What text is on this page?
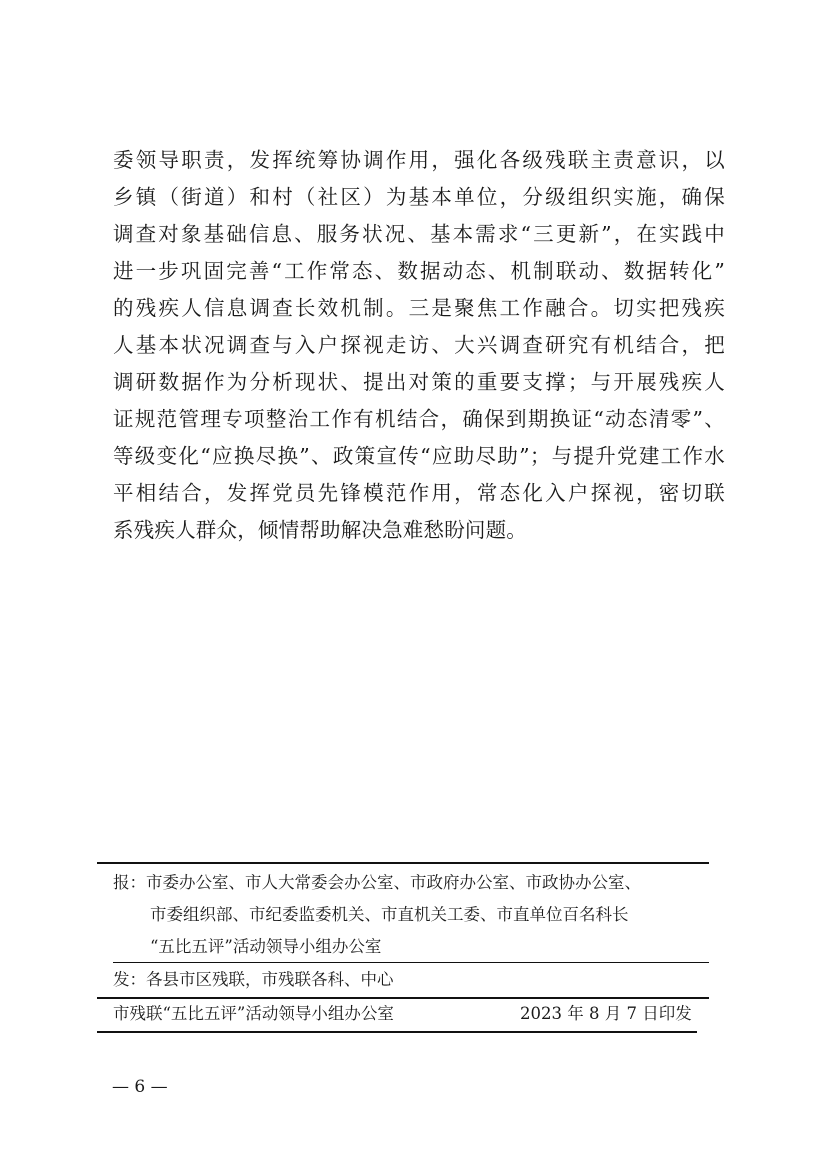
委领导职责，发挥统筹协调作用，强化各级残联主责意识，以
乡镇（街道）和村（社区）为基本单位，分级组织实施，确保
调查对象基础信息、服务状况、基本需求“三更新”，在实践中
进一步巩固完善“工作常态、数据动态、机制联动、数据转化”
的残疾人信息调查长效机制。三是聚焦工作融合。切实把残疾
人基本状况调查与入户探视走访、大兴调查研究有机结合，把
调研数据作为分析现状、提出对策的重要支撑；与开展残疾人
证规范管理专项整治工作有机结合，确保到期换证“动态清零”、
等级变化“应换尽换”、政策宣传“应助尽助”；与提升党建工作水
平相结合，发挥党员先锋模范作用，常态化入户探视，密切联
系残疾人群众，倾情帮助解决急难愁盼问题。
报：市委办公室、市人大常委会办公室、市政府办公室、市政协办公室、
市委组织部、市纪委监委机关、市直机关工委、市直单位百名科长
“五比五评”活动领导小组办公室
发：各县市区残联，市残联各科、中心
市残联“五比五评”活动领导小组办公室	2023 年 8 月 7 日印发
— 6 —
